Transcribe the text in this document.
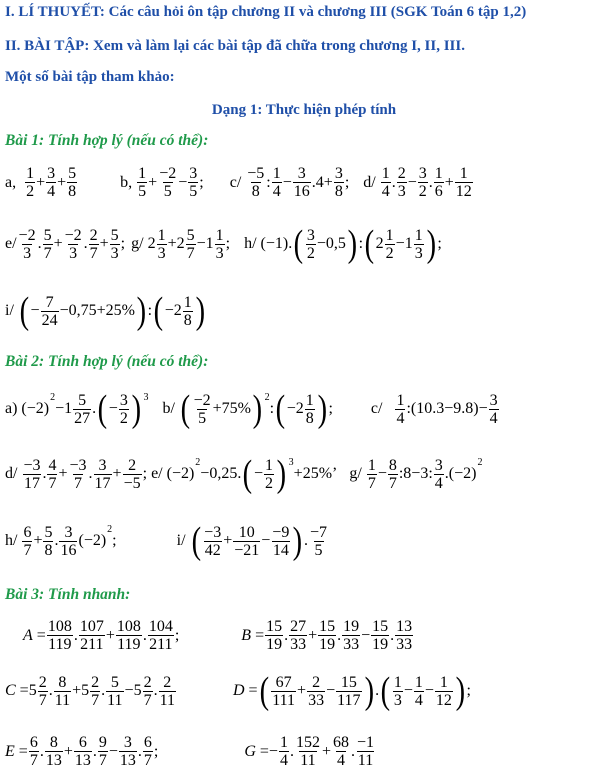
I. LÍ THUYẾT: Các câu hỏi ôn tập chương II và chương III (SGK Toán 6 tập 1,2)
II. BÀI TẬP: Xem và làm lại các bài tập đã chữa trong chương I, II, III.
Một số bài tập tham khảo:
Dạng 1: Thực hiện phép tính
Bài 1: Tính hợp lý (nếu có thể):
a, $\frac{1}{2} + \frac{3}{4} + \frac{5}{8}$	b, $\frac{1}{5} + \frac{-2}{5} - \frac{3}{5}$ ; $c/ \frac{-5}{8}$ : $\frac{1}{4} - \frac{3}{16} .4+ \frac{3}{8}$ ; $d/ \frac{1}{4}$ . $\frac{2}{3} - \frac{3}{2}$ . $\frac{1}{6} + \frac{1}{12}$
$e/ \frac{-2}{3}$ . $\frac{5}{7} + \frac{-2}{3}$ . $\frac{2}{7} + \frac{5}{3}$ ; g/ $2 \frac{1}{3} +2 \frac{5}{7} -1 \frac{1}{3}$ ; h/ (−1). ( $\frac{3}{2} -0,5$ ) : ( $2 \frac{1}{2} -1 \frac{1}{3}$ ) ;
i/ ( − $\frac{7}{24} -0,75+25\%$ ) : ( $-2 \frac{1}{8}$ )
Bài 2: Tính hợp lý (nếu có thể):
a) (−2)
2
$-1 \frac{5}{27}$ . ( − $\frac{3}{2}$ ) 3
b/ ( $\frac{-2}{5} +75\%$ ) 2
: ( $-2 \frac{1}{8}$ ) ; $c/ \frac{1}{4}$ :(10.3−9.8)− $\frac{3}{4}$
$d/ \frac{-3}{17}$ . $\frac{4}{7} + \frac{-3}{7}$ . $\frac{3}{17} + \frac{2}{-5}$ ; e/ (−2)
2
−0,25. ( − $\frac{1}{2}$ ) 3
+25%’ $g/ \frac{1}{7} - \frac{8}{7}$ :8−3: $\frac{3}{4} .(-2)$
2
$h/ \frac{6}{7} + \frac{5}{8}$ . $\frac{3}{16} (-2)$
2
;	i/ ( $\frac{-3}{42} + \frac{10}{-21} - \frac{-9}{14}$ ) . $\frac{-7}{5}$
Bài 3: Tính nhanh:
$A = \frac{108}{119}$ . $\frac{107}{211} + \frac{108}{119}$ . $\frac{104}{211}$ ;	$B = \frac{15}{19}$ . $\frac{27}{33} + \frac{15}{19}$ . $\frac{19}{33} - \frac{15}{19}$ . $\frac{13}{33}$
$C =5 \frac{2}{7}$ . $\frac{8}{11} +5 \frac{2}{7}$ . $\frac{5}{11} -5 \frac{2}{7}$ . $\frac{2}{11}$	D = ( $\frac{67}{111} + \frac{2}{33} - \frac{15}{117}$ ) . ( $\frac{1}{3} - \frac{1}{4} - \frac{1}{12}$ ) ;
$E = \frac{6}{7}$ . $\frac{8}{13} + \frac{6}{13}$ . $\frac{9}{7} - \frac{3}{13}$ . $\frac{6}{7}$ ;	$G =- \frac{1}{4}$ . $\frac{152}{11} + \frac{68}{4}$ . $\frac{-1}{11}$
